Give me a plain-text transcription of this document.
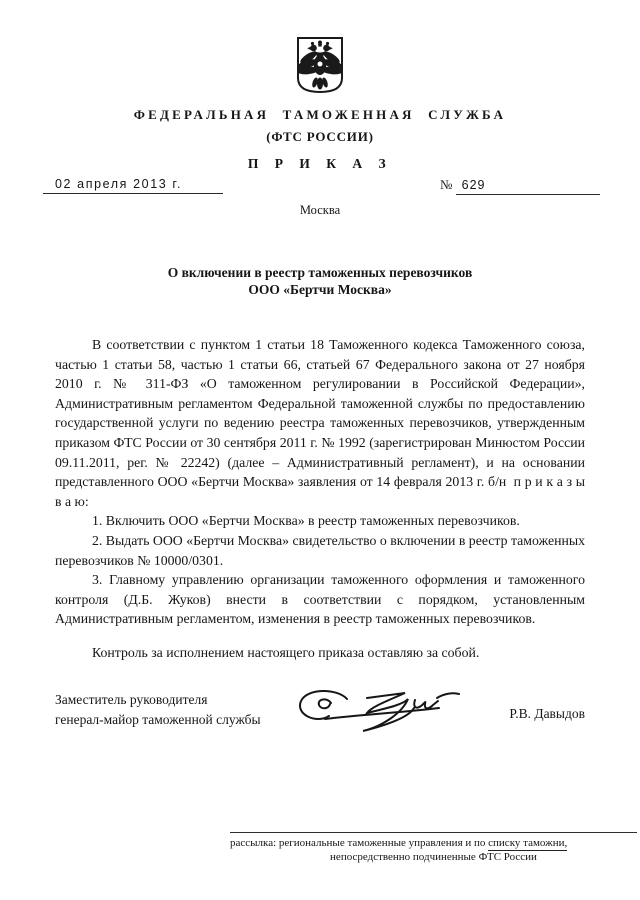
ФЕДЕРАЛЬНАЯ ТАМОЖЕННАЯ СЛУЖБА
(ФТС РОССИИ)
П Р И К А З
02 апреля 2013 г.	№ 629
Москва
О включении в реестр таможенных перевозчиков
ООО «Бертчи Москва»

В соответствии с пунктом 1 статьи 18 Таможенного кодекса Таможенного союза, частью 1 статьи 58, частью 1 статьи 66, статьей 67 Федерального закона от 27 ноября 2010 г. № 311-ФЗ «О таможенном регулировании в Российской Федерации», Административным регламентом Федеральной таможенной службы по предоставлению государственной услуги по ведению реестра таможенных перевозчиков, утвержденным приказом ФТС России от 30 сентября 2011 г. № 1992 (зарегистрирован Минюстом России 09.11.2011, рег. № 22242) (далее – Административный регламент), и на основании представленного ООО «Бертчи Москва» заявления от 14 февраля 2013 г. б/н  п р и к а з ы в а ю:

1. Включить ООО «Бертчи Москва» в реестр таможенных перевозчиков.

2. Выдать ООО «Бертчи Москва» свидетельство о включении в реестр таможенных перевозчиков № 10000/0301.

3. Главному управлению организации таможенного оформления и таможенного контроля (Д.Б. Жуков) внести в соответствии с порядком, установленным Административным регламентом, изменения в реестр таможенных перевозчиков.

Контроль за исполнением настоящего приказа оставляю за собой.

Заместитель руководителя
генерал-майор таможенной службы	Р.В. Давыдов
рассылка: региональные таможенные управления и по списку таможни,
непосредственно подчиненные ФТС России
